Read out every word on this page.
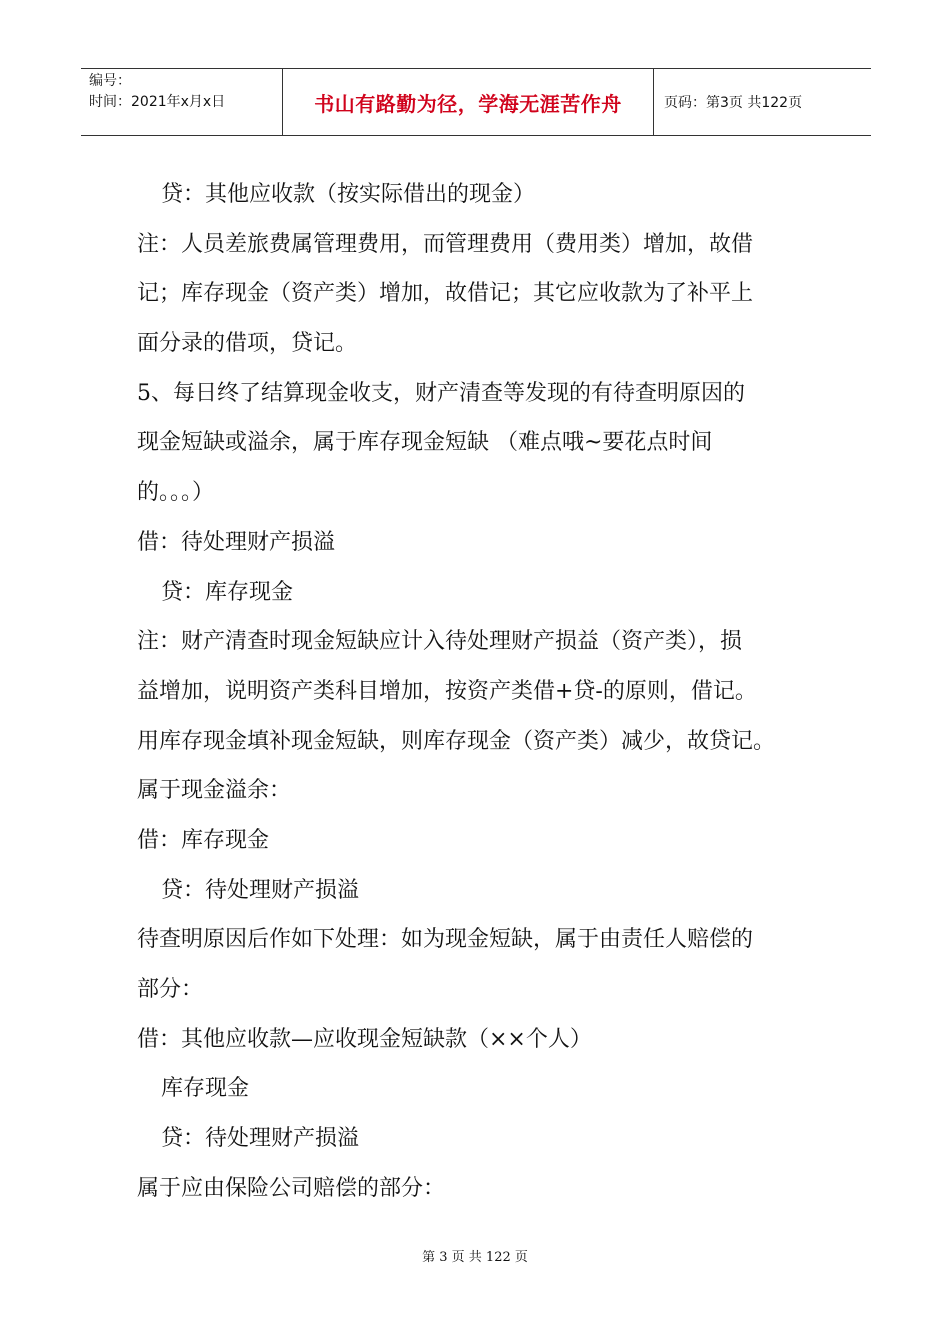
编号：
时间：2021年x月x日	书山有路勤为径，学海无涯苦作舟	页码：第3页 共122页
贷：其他应收款（按实际借出的现金）
注：人员差旅费属管理费用，而管理费用（费用类）增加，故借
记；库存现金（资产类）增加，故借记；其它应收款为了补平上
面分录的借项，贷记。
5、每日终了结算现金收支，财产清查等发现的有待查明原因的
现金短缺或溢余，属于库存现金短缺 （难点哦~要花点时间
的。。。）
借：待处理财产损溢
贷：库存现金
注：财产清查时现金短缺应计入待处理财产损益（资产类），损
益增加，说明资产类科目增加，按资产类借+贷-的原则，借记。
用库存现金填补现金短缺，则库存现金（资产类）减少，故贷记。
属于现金溢余：
借：库存现金
贷：待处理财产损溢
待查明原因后作如下处理：如为现金短缺，属于由责任人赔偿的
部分：
借：其他应收款—应收现金短缺款（××个人）
库存现金
贷：待处理财产损溢
属于应由保险公司赔偿的部分：
第 3 页 共 122 页
